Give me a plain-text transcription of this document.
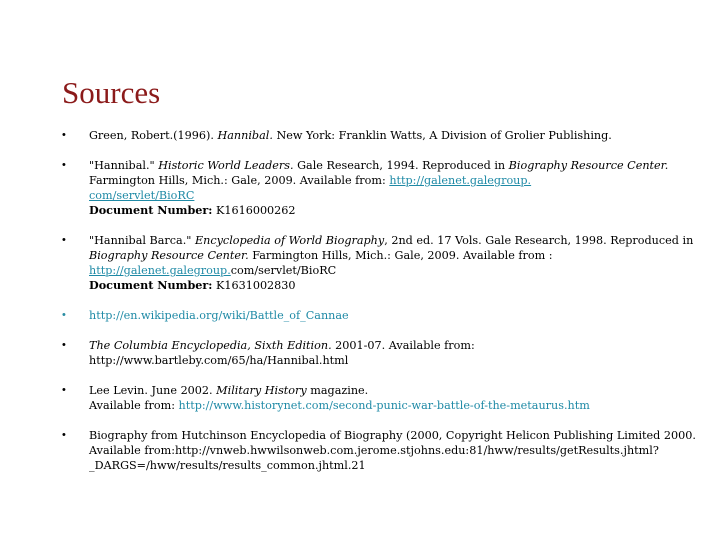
Sources
• Green, Robert.(1996). Hannibal. New York: Franklin Watts, A Division of Grolier Publishing.
• "Hannibal." Historic World Leaders. Gale Research, 1994. Reproduced in Biography Resource Center. Farmington Hills, Mich.: Gale, 2009. Available from: http://galenet.galegroup.
com/servlet/BioRC
Document Number: K1616000262
• "Hannibal Barca." Encyclopedia of World Biography, 2nd ed. 17 Vols. Gale Research, 1998. Reproduced in Biography Resource Center. Farmington Hills, Mich.: Gale, 2009. Available from :
http://galenet.galegroup.com/servlet/BioRC
Document Number: K1631002830
• http://en.wikipedia.org/wiki/Battle_of_Cannae
• The Columbia Encyclopedia, Sixth Edition. 2001-07. Available from: http://www.bartleby.com/65/ha/Hannibal.html
• Lee Levin. June 2002. Military History magazine.
Available from: http://www.historynet.com/second-punic-war-battle-of-the-metaurus.htm
• Biography from Hutchinson Encyclopedia of Biography (2000, Copyright Helicon Publishing Limited 2000. Available from:http://vnweb.hwwilsonweb.com.jerome.stjohns.edu:81/hww/results/getResults.jhtml?_DARGS=/hww/results/results_common.jhtml.21
